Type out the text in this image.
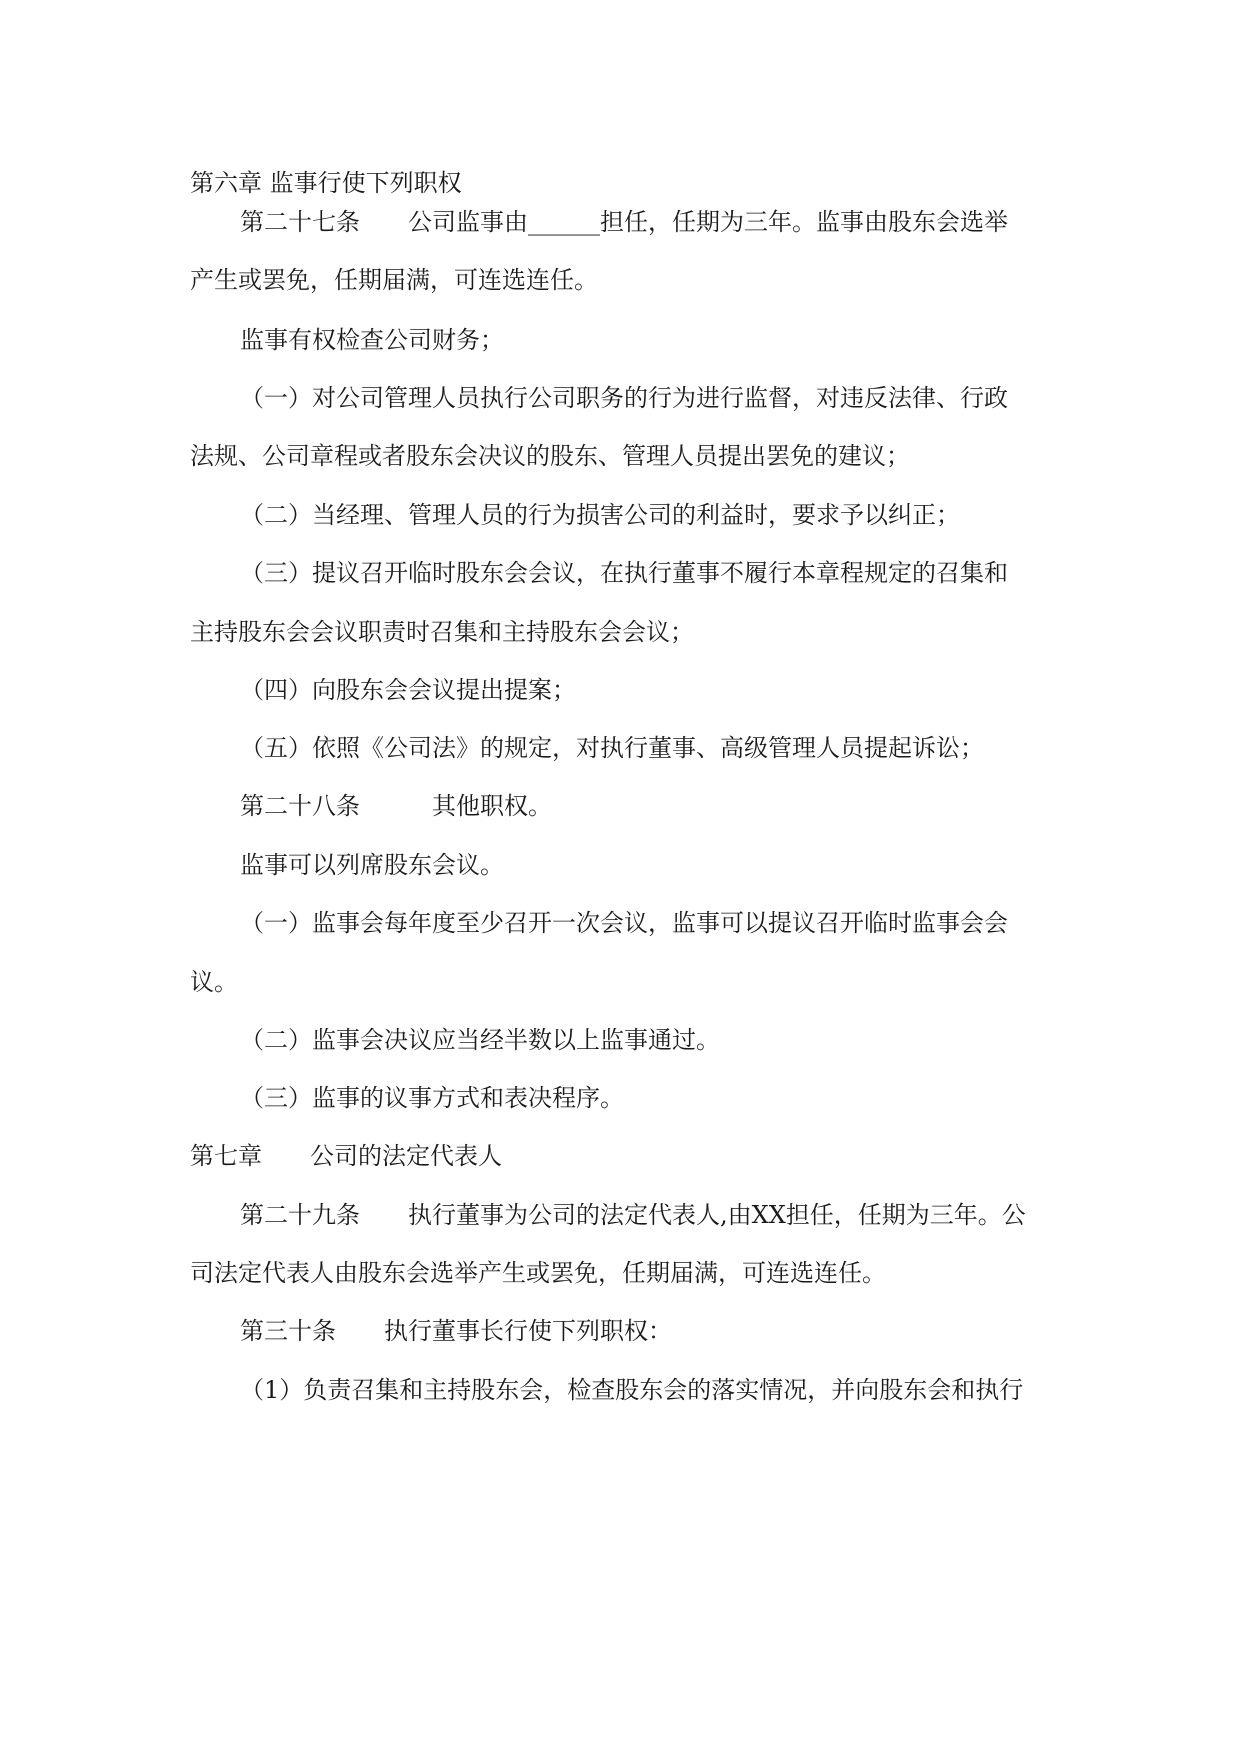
第六章 监事行使下列职权
第二十七条　　公司监事由______担任，任期为三年。监事由股东会选举
产生或罢免，任期届满，可连选连任。
监事有权检查公司财务；
（一）对公司管理人员执行公司职务的行为进行监督，对违反法律、行政
法规、公司章程或者股东会决议的股东、管理人员提出罢免的建议；
（二）当经理、管理人员的行为损害公司的利益时，要求予以纠正；
（三）提议召开临时股东会会议，在执行董事不履行本章程规定的召集和
主持股东会会议职责时召集和主持股东会会议；
（四）向股东会会议提出提案；
（五）依照《公司法》的规定，对执行董事、高级管理人员提起诉讼；
第二十八条　　　其他职权。
监事可以列席股东会议。
（一）监事会每年度至少召开一次会议，监事可以提议召开临时监事会会
议。
（二）监事会决议应当经半数以上监事通过。
（三）监事的议事方式和表决程序。
第七章　　公司的法定代表人
第二十九条　　执行董事为公司的法定代表人,由XX担任，任期为三年。公
司法定代表人由股东会选举产生或罢免，任期届满，可连选连任。
第三十条　　执行董事长行使下列职权：
（1）负责召集和主持股东会，检查股东会的落实情况，并向股东会和执行
